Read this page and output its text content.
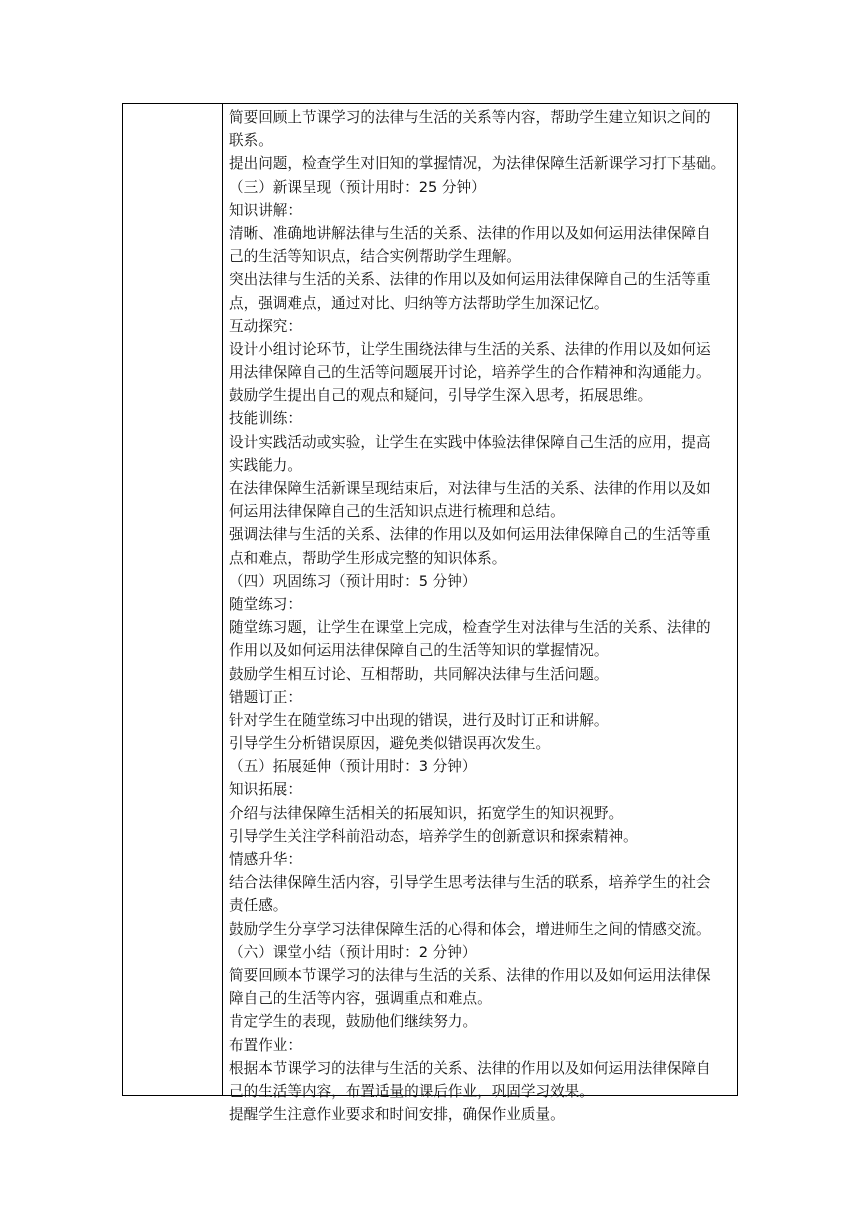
简要回顾上节课学习的法律与生活的关系等内容，帮助学生建立知识之间的
联系。
提出问题，检查学生对旧知的掌握情况，为法律保障生活新课学习打下基础。
（三）新课呈现（预计用时：25 分钟）
知识讲解：
清晰、准确地讲解法律与生活的关系、法律的作用以及如何运用法律保障自
己的生活等知识点，结合实例帮助学生理解。
突出法律与生活的关系、法律的作用以及如何运用法律保障自己的生活等重
点，强调难点，通过对比、归纳等方法帮助学生加深记忆。
互动探究：
设计小组讨论环节，让学生围绕法律与生活的关系、法律的作用以及如何运
用法律保障自己的生活等问题展开讨论，培养学生的合作精神和沟通能力。
鼓励学生提出自己的观点和疑问，引导学生深入思考，拓展思维。
技能训练：
设计实践活动或实验，让学生在实践中体验法律保障自己生活的应用，提高
实践能力。
在法律保障生活新课呈现结束后，对法律与生活的关系、法律的作用以及如
何运用法律保障自己的生活知识点进行梳理和总结。
强调法律与生活的关系、法律的作用以及如何运用法律保障自己的生活等重
点和难点，帮助学生形成完整的知识体系。
（四）巩固练习（预计用时：5 分钟）
随堂练习：
随堂练习题，让学生在课堂上完成，检查学生对法律与生活的关系、法律的
作用以及如何运用法律保障自己的生活等知识的掌握情况。
鼓励学生相互讨论、互相帮助，共同解决法律与生活问题。
错题订正：
针对学生在随堂练习中出现的错误，进行及时订正和讲解。
引导学生分析错误原因，避免类似错误再次发生。
（五）拓展延伸（预计用时：3 分钟）
知识拓展：
介绍与法律保障生活相关的拓展知识，拓宽学生的知识视野。
引导学生关注学科前沿动态，培养学生的创新意识和探索精神。
情感升华：
结合法律保障生活内容，引导学生思考法律与生活的联系，培养学生的社会
责任感。
鼓励学生分享学习法律保障生活的心得和体会，增进师生之间的情感交流。
（六）课堂小结（预计用时：2 分钟）
简要回顾本节课学习的法律与生活的关系、法律的作用以及如何运用法律保
障自己的生活等内容，强调重点和难点。
肯定学生的表现，鼓励他们继续努力。
布置作业：
根据本节课学习的法律与生活的关系、法律的作用以及如何运用法律保障自
己的生活等内容，布置适量的课后作业，巩固学习效果。
提醒学生注意作业要求和时间安排，确保作业质量。
